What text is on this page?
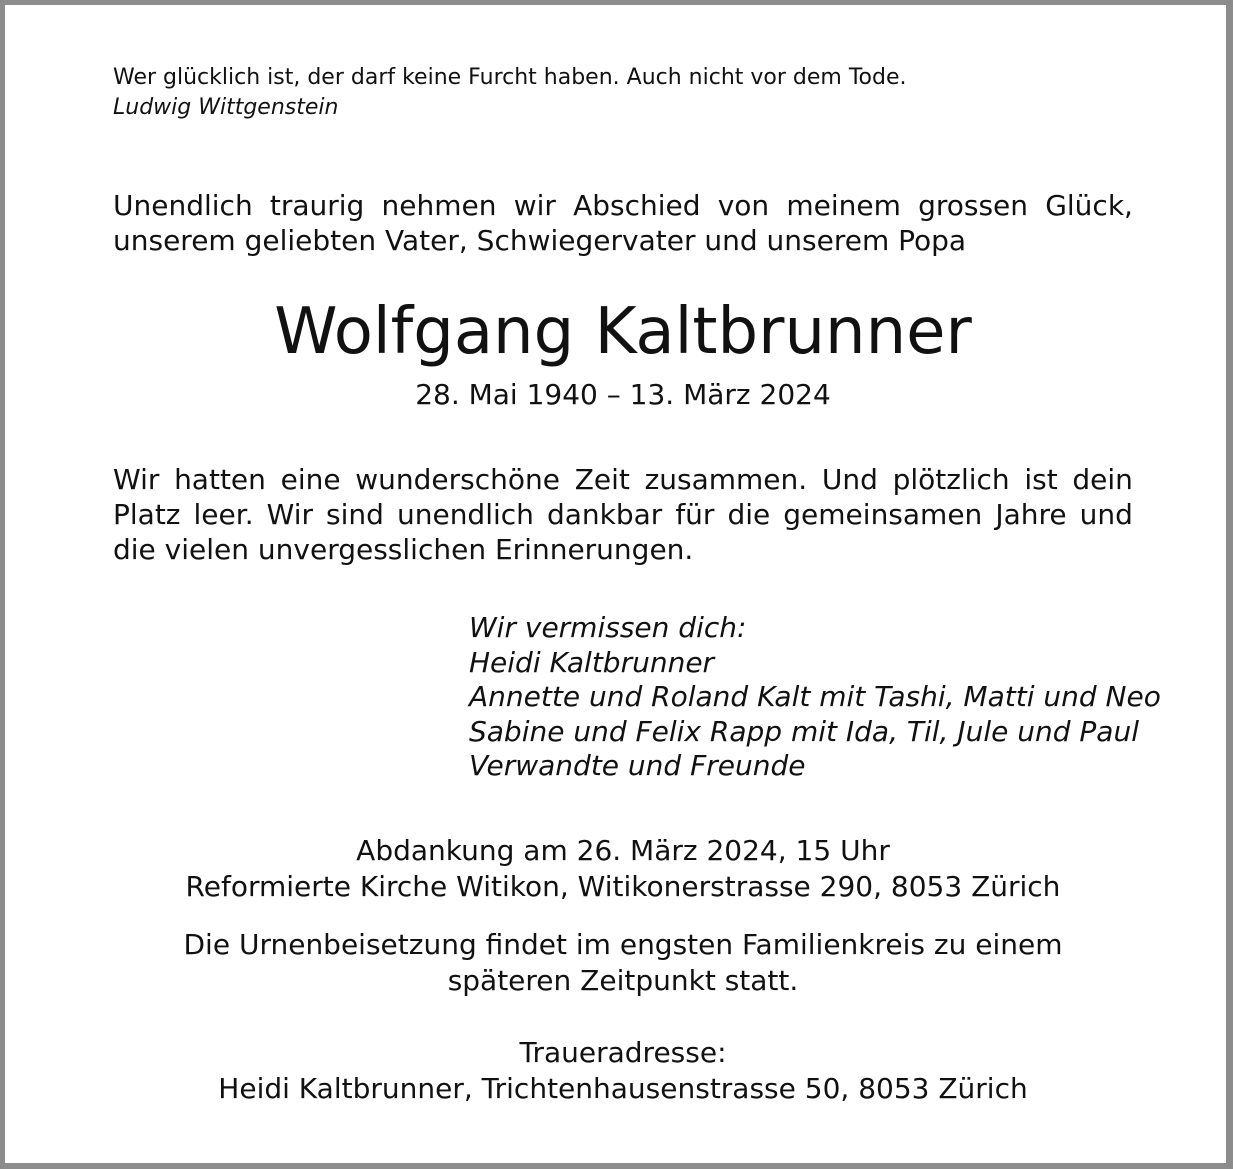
Wer glücklich ist, der darf keine Furcht haben. Auch nicht vor dem Tode.
Ludwig Wittgenstein
Unendlich traurig nehmen wir Abschied von meinem grossen Glück,
unserem geliebten Vater, Schwiegervater und unserem Popa
Wolfgang Kaltbrunner
28. Mai 1940 – 13. März 2024
Wir hatten eine wunderschöne Zeit zusammen. Und plötzlich ist dein
Platz leer. Wir sind unendlich dankbar für die gemeinsamen Jahre und
die vielen unvergesslichen Erinnerungen.
Wir vermissen dich:
Heidi Kaltbrunner
Annette und Roland Kalt mit Tashi, Matti und Neo
Sabine und Felix Rapp mit Ida, Til, Jule und Paul
Verwandte und Freunde
Abdankung am 26. März 2024, 15 Uhr
Reformierte Kirche Witikon, Witikonerstrasse 290, 8053 Zürich
Die Urnenbeisetzung findet im engsten Familienkreis zu einem
späteren Zeitpunkt statt.
Traueradresse:
Heidi Kaltbrunner, Trichtenhausenstrasse 50, 8053 Zürich
